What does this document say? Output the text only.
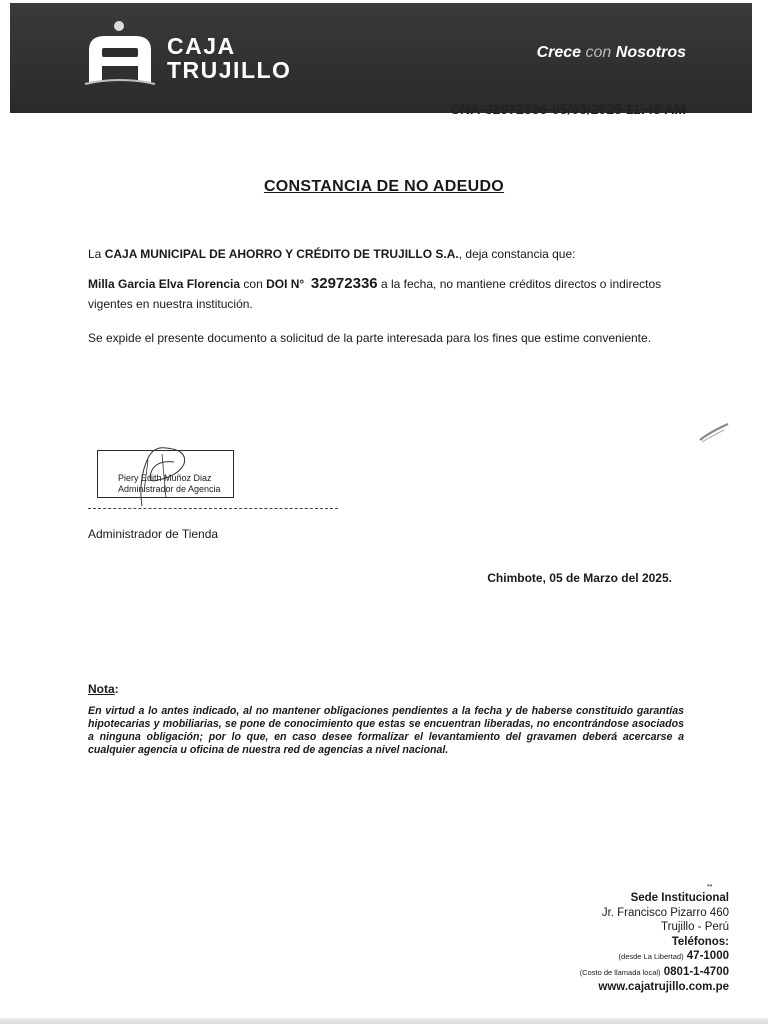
CAJA
TRUJILLO
Crece con Nosotros
CNA-32972336-05/03/2025 11:48 AM
CONSTANCIA DE NO ADEUDO
La CAJA MUNICIPAL DE AHORRO Y CRÉDITO DE TRUJILLO S.A., deja constancia que:
Milla Garcia Elva Florencia con DOI N° 32972336 a la fecha, no mantiene créditos directos o indirectos vigentes en nuestra institución.
Se expide el presente documento a solicitud de la parte interesada para los fines que estime conveniente.
Piery Edith Muñoz Diaz
Administrador de Agencia
Administrador de Tienda
Chimbote, 05 de Marzo del 2025.
Nota:
En virtud a lo antes indicado, al no mantener obligaciones pendientes a la fecha y de haberse constituido garantías hipotecarias y mobiliarias, se pone de conocimiento que estas se encuentran liberadas, no encontrándose asociados a ninguna obligación; por lo que, en caso desee formalizar el levantamiento del gravamen deberá acercarse a cualquier agencia u oficina de nuestra red de agencias a nivel nacional.
••
Sede Institucional
Jr. Francisco Pizarro 460
Trujillo - Perú
Teléfonos:
(desde La Libertad) 47-1000
(Costo de llamada local) 0801-1-4700
www.cajatrujillo.com.pe
